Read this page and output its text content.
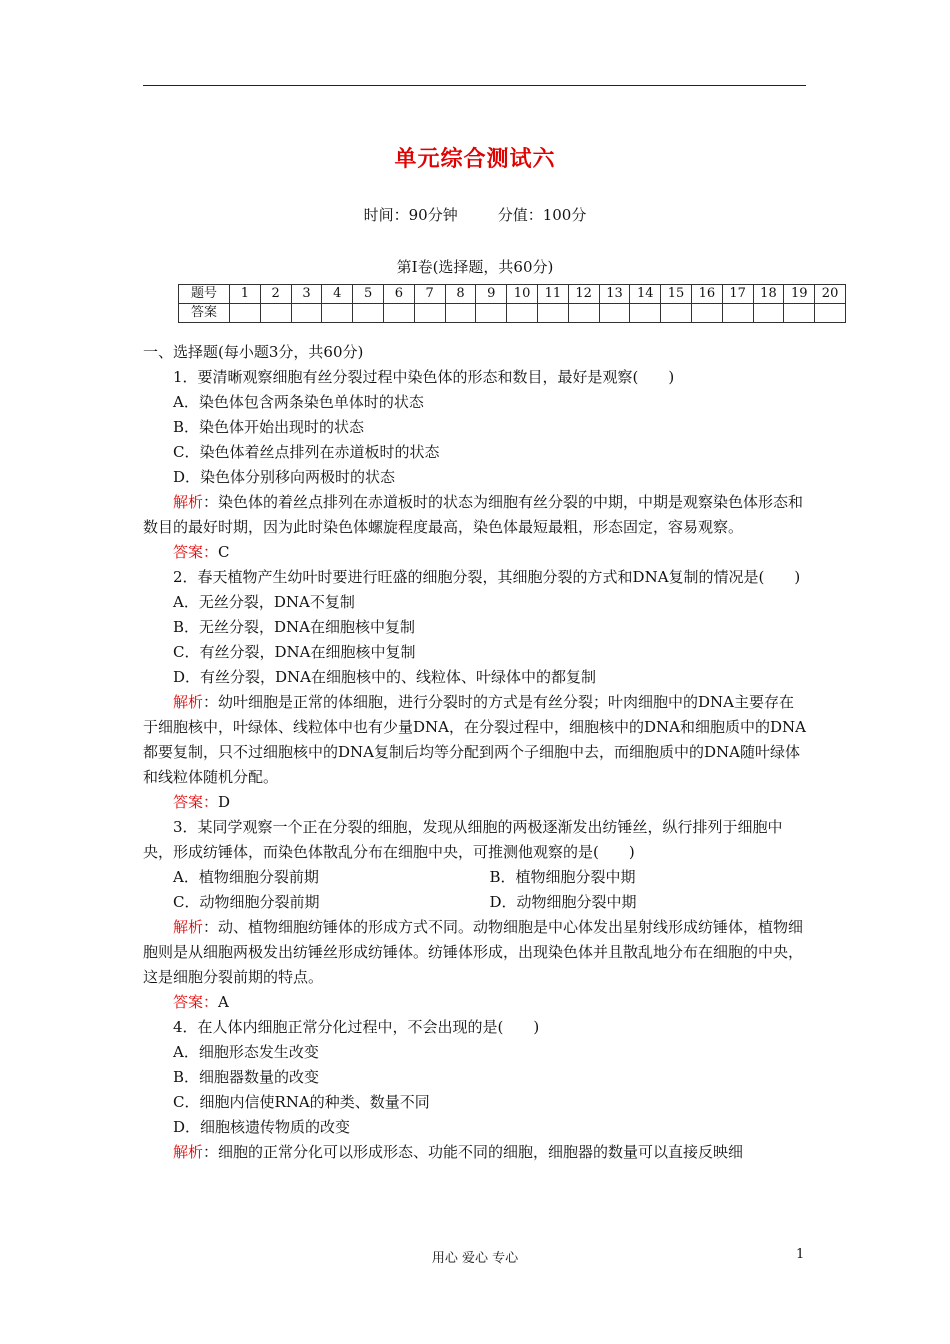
单元综合测试六
时间：90分钟	分值：100分
第Ⅰ卷(选择题，共60分)
题号	1	2	3	4	5	6	7	8	9	10	11	12	13	14	15	16	17	18	19	20
答案																				

一、选择题(每小题3分，共60分)

1．要清晰观察细胞有丝分裂过程中染色体的形态和数目，最好是观察(　　)

A．染色体包含两条染色单体时的状态

B．染色体开始出现时的状态

C．染色体着丝点排列在赤道板时的状态

D．染色体分别移向两极时的状态

解析：染色体的着丝点排列在赤道板时的状态为细胞有丝分裂的中期，中期是观察染色体形态和数目的最好时期，因为此时染色体螺旋程度最高，染色体最短最粗，形态固定，容易观察。

答案：C

2．春天植物产生幼叶时要进行旺盛的细胞分裂，其细胞分裂的方式和DNA复制的情况是(　　)

A．无丝分裂，DNA不复制

B．无丝分裂，DNA在细胞核中复制

C．有丝分裂，DNA在细胞核中复制

D．有丝分裂，DNA在细胞核中的、线粒体、叶绿体中的都复制

解析：幼叶细胞是正常的体细胞，进行分裂时的方式是有丝分裂；叶肉细胞中的DNA主要存在于细胞核中，叶绿体、线粒体中也有少量DNA，在分裂过程中，细胞核中的DNA和细胞质中的DNA都要复制，只不过细胞核中的DNA复制后均等分配到两个子细胞中去，而细胞质中的DNA随叶绿体和线粒体随机分配。

答案：D

3．某同学观察一个正在分裂的细胞，发现从细胞的两极逐渐发出纺锤丝，纵行排列于细胞中央，形成纺锤体，而染色体散乱分布在细胞中央，可推测他观察的是(　　)

A．植物细胞分裂前期	B．植物细胞分裂中期
C．动物细胞分裂前期	D．动物细胞分裂中期

解析：动、植物细胞纺锤体的形成方式不同。动物细胞是中心体发出星射线形成纺锤体，植物细胞则是从细胞两极发出纺锤丝形成纺锤体。纺锤体形成，出现染色体并且散乱地分布在细胞的中央，这是细胞分裂前期的特点。

答案：A

4．在人体内细胞正常分化过程中，不会出现的是(　　)

A．细胞形态发生改变

B．细胞器数量的改变

C．细胞内信使RNA的种类、数量不同

D．细胞核遗传物质的改变

解析：细胞的正常分化可以形成形态、功能不同的细胞，细胞器的数量可以直接反映细

用心 爱心 专心	1
